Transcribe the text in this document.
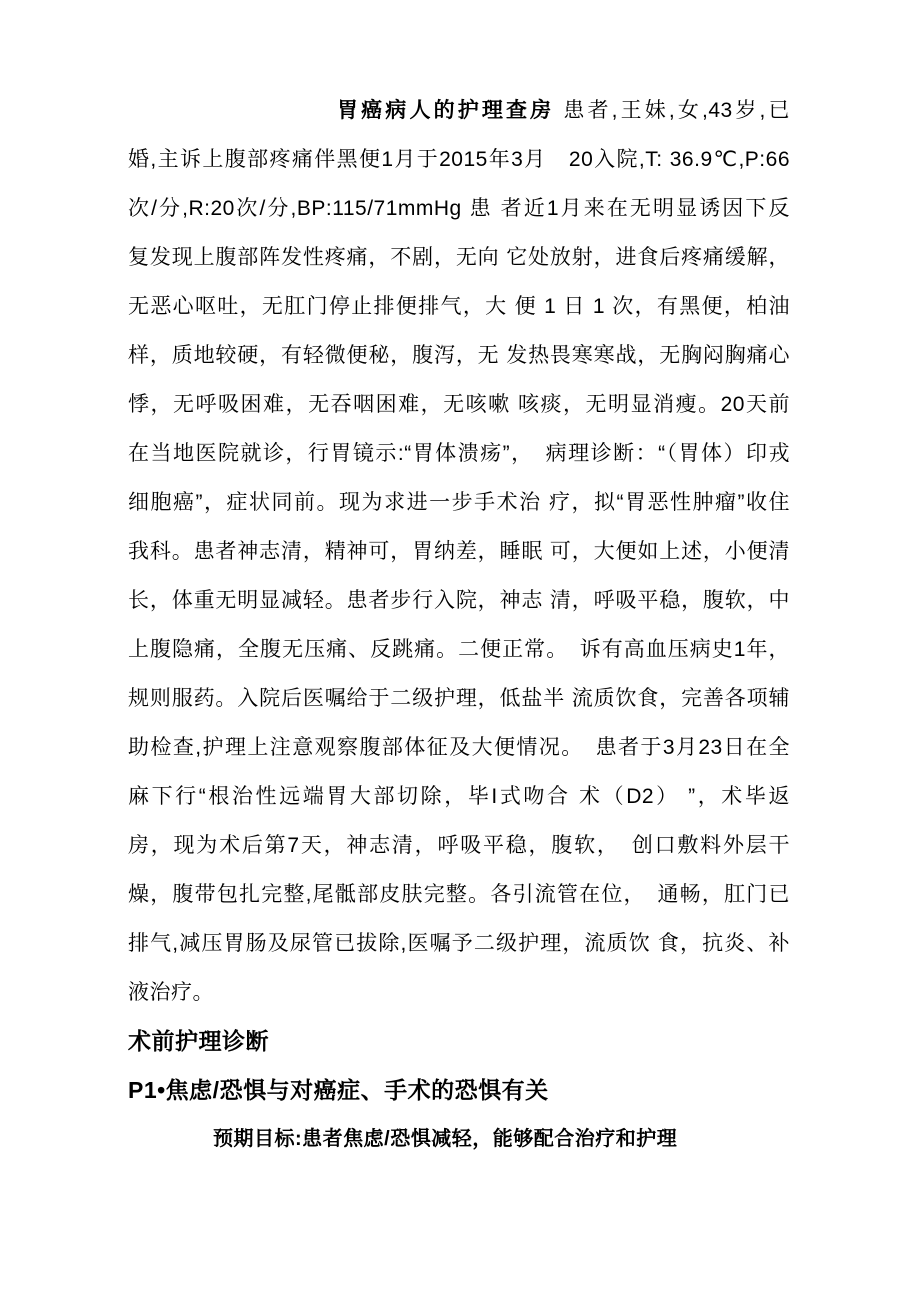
胃癌病人的护理查房 患者,王妹,女,43岁,已
婚,主诉上腹部疼痛伴黑便1月于2015年3月　20入院,T: 36.9℃,P:66
次/分,R:20次/分,BP:115/71mmHg 患 者近1月来在无明显诱因下反
复发现上腹部阵发性疼痛，不剧，无向 它处放射，进食后疼痛缓解，
无恶心呕吐，无肛门停止排便排气，大 便 1 日 1 次，有黑便，柏油
样，质地较硬，有轻微便秘，腹泻，无 发热畏寒寒战，无胸闷胸痛心
悸，无呼吸困难，无吞咽困难，无咳嗽 咳痰，无明显消瘦。20天前
在当地医院就诊，行胃镜示:“胃体溃疡”，　病理诊断：“（胃体）印戎
细胞癌”，症状同前。现为求进一步手术治 疗，拟“胃恶性肿瘤”收住
我科。患者神志清，精神可，胃纳差，睡眠 可，大便如上述，小便清
长，体重无明显减轻。患者步行入院，神志 清，呼吸平稳，腹软，中
上腹隐痛，全腹无压痛、反跳痛。二便正常。　诉有高血压病史1年，
规则服药。入院后医嘱给于二级护理，低盐半 流质饮食，完善各项辅
助检查,护理上注意观察腹部体征及大便情况。　患者于3月23日在全
麻下行“根治性远端胃大部切除，毕I式吻合 术（D2） ”，术毕返
房，现为术后第7天，神志清，呼吸平稳，腹软，　创口敷料外层干
燥，腹带包扎完整,尾骶部皮肤完整。各引流管在位，　通畅，肛门已
排气,减压胃肠及尿管已拔除,医嘱予二级护理，流质饮 食，抗炎、补
液治疗。
术前护理诊断
P1•焦虑/恐惧与对癌症、手术的恐惧有关
预期目标:患者焦虑/恐惧减轻，能够配合治疗和护理
